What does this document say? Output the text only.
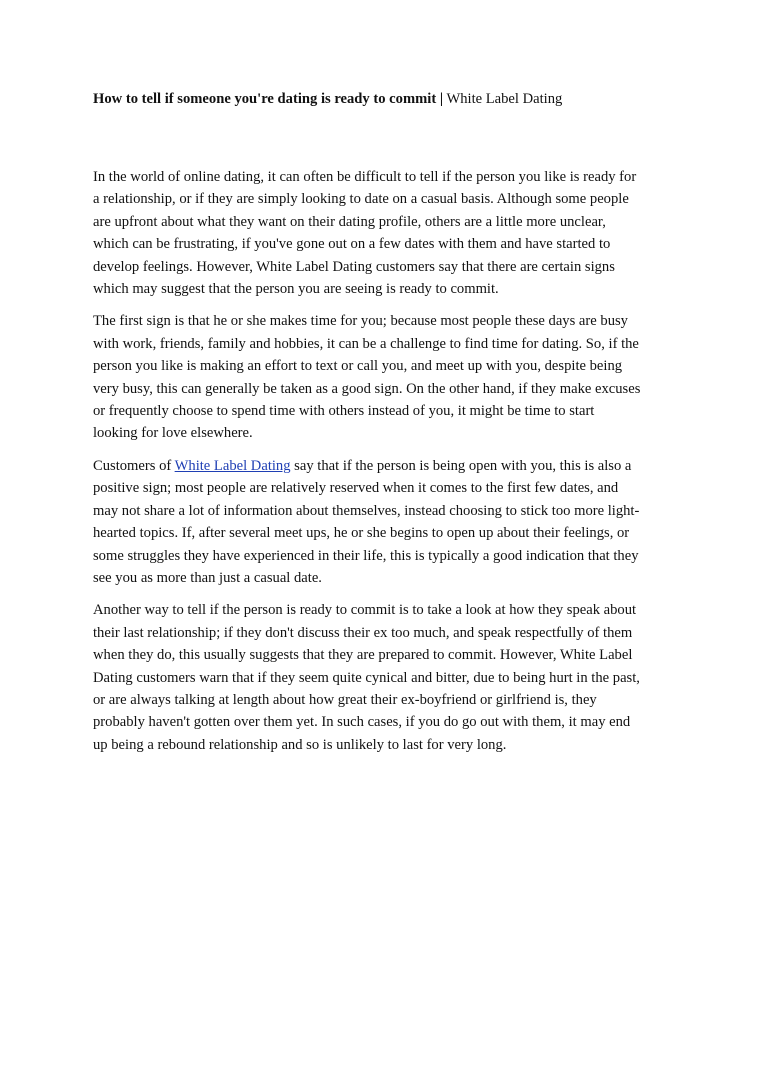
How to tell if someone you're dating is ready to commit | White Label Dating

In the world of online dating, it can often be difficult to tell if the person you like is ready for
a relationship, or if they are simply looking to date on a casual basis. Although some people
are upfront about what they want on their dating profile, others are a little more unclear,
which can be frustrating, if you've gone out on a few dates with them and have started to
develop feelings. However, White Label Dating customers say that there are certain signs
which may suggest that the person you are seeing is ready to commit.

The first sign is that he or she makes time for you; because most people these days are busy
with work, friends, family and hobbies, it can be a challenge to find time for dating. So, if the
person you like is making an effort to text or call you, and meet up with you, despite being
very busy, this can generally be taken as a good sign. On the other hand, if they make excuses
or frequently choose to spend time with others instead of you, it might be time to start
looking for love elsewhere.

Customers of White Label Dating say that if the person is being open with you, this is also a
positive sign; most people are relatively reserved when it comes to the first few dates, and
may not share a lot of information about themselves, instead choosing to stick too more light-
hearted topics. If, after several meet ups, he or she begins to open up about their feelings, or
some struggles they have experienced in their life, this is typically a good indication that they
see you as more than just a casual date.

Another way to tell if the person is ready to commit is to take a look at how they speak about
their last relationship; if they don't discuss their ex too much, and speak respectfully of them
when they do, this usually suggests that they are prepared to commit. However, White Label
Dating customers warn that if they seem quite cynical and bitter, due to being hurt in the past,
or are always talking at length about how great their ex-boyfriend or girlfriend is, they
probably haven't gotten over them yet. In such cases, if you do go out with them, it may end
up being a rebound relationship and so is unlikely to last for very long.
